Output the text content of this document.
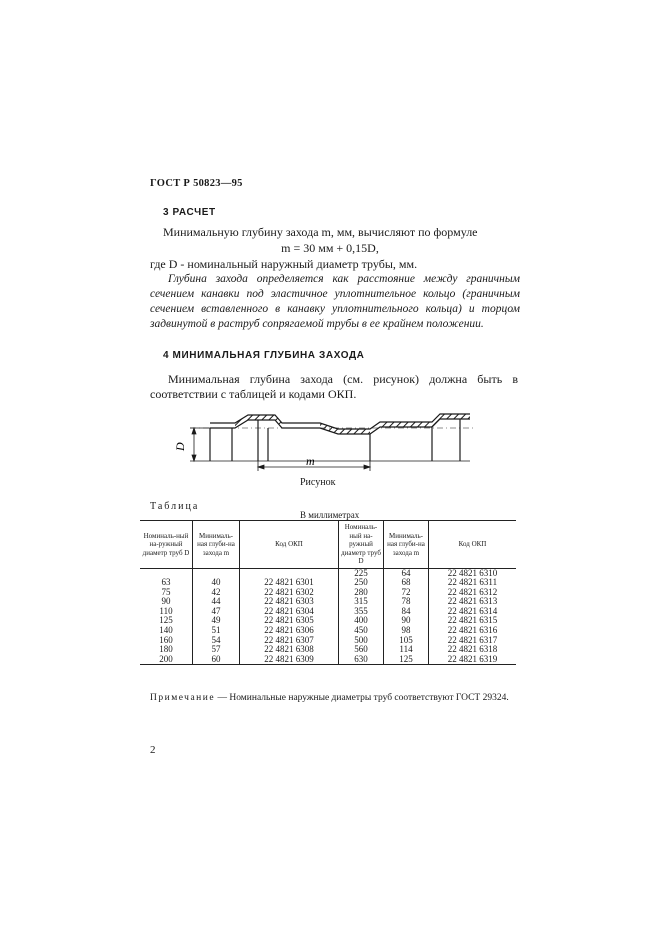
ГОСТ Р 50823—95
3 РАСЧЕТ
Минимальную глубину захода m, мм, вычисляют по формуле
m = 30 мм + 0,15D,
где D - номинальный наружный диаметр трубы, мм.
Глубина захода определяется как расстояние между граничным сечением канавки под эластичное уплотнительное кольцо (граничным сечением вставленного в канавку уплотнительного кольца) и торцом задвинутой в раструб сопрягаемой трубы в ее крайнем положении.
4 МИНИМАЛЬНАЯ ГЛУБИНА ЗАХОДА
Минимальная глубина захода (см. рисунок) должна быть в соответствии с таблицей и кодами ОКП.
D
m
Рисунок
Таблица
В миллиметрах
Номиналь-ный на-ружный диаметр труб D	Минималь-ная глуби-на захода m	Код ОКП	Номиналь-ный на-ружный диаметр труб D	Минималь-ная глуби-на захода m	Код ОКП
			225	64	22 4821 6310
63	40	22 4821 6301	250	68	22 4821 6311
75	42	22 4821 6302	280	72	22 4821 6312
90	44	22 4821 6303	315	78	22 4821 6313
110	47	22 4821 6304	355	84	22 4821 6314
125	49	22 4821 6305	400	90	22 4821 6315
140	51	22 4821 6306	450	98	22 4821 6316
160	54	22 4821 6307	500	105	22 4821 6317
180	57	22 4821 6308	560	114	22 4821 6318
200	60	22 4821 6309	630	125	22 4821 6319
Примечание — Номинальные наружные диаметры труб соответствуют ГОСТ 29324.
2
